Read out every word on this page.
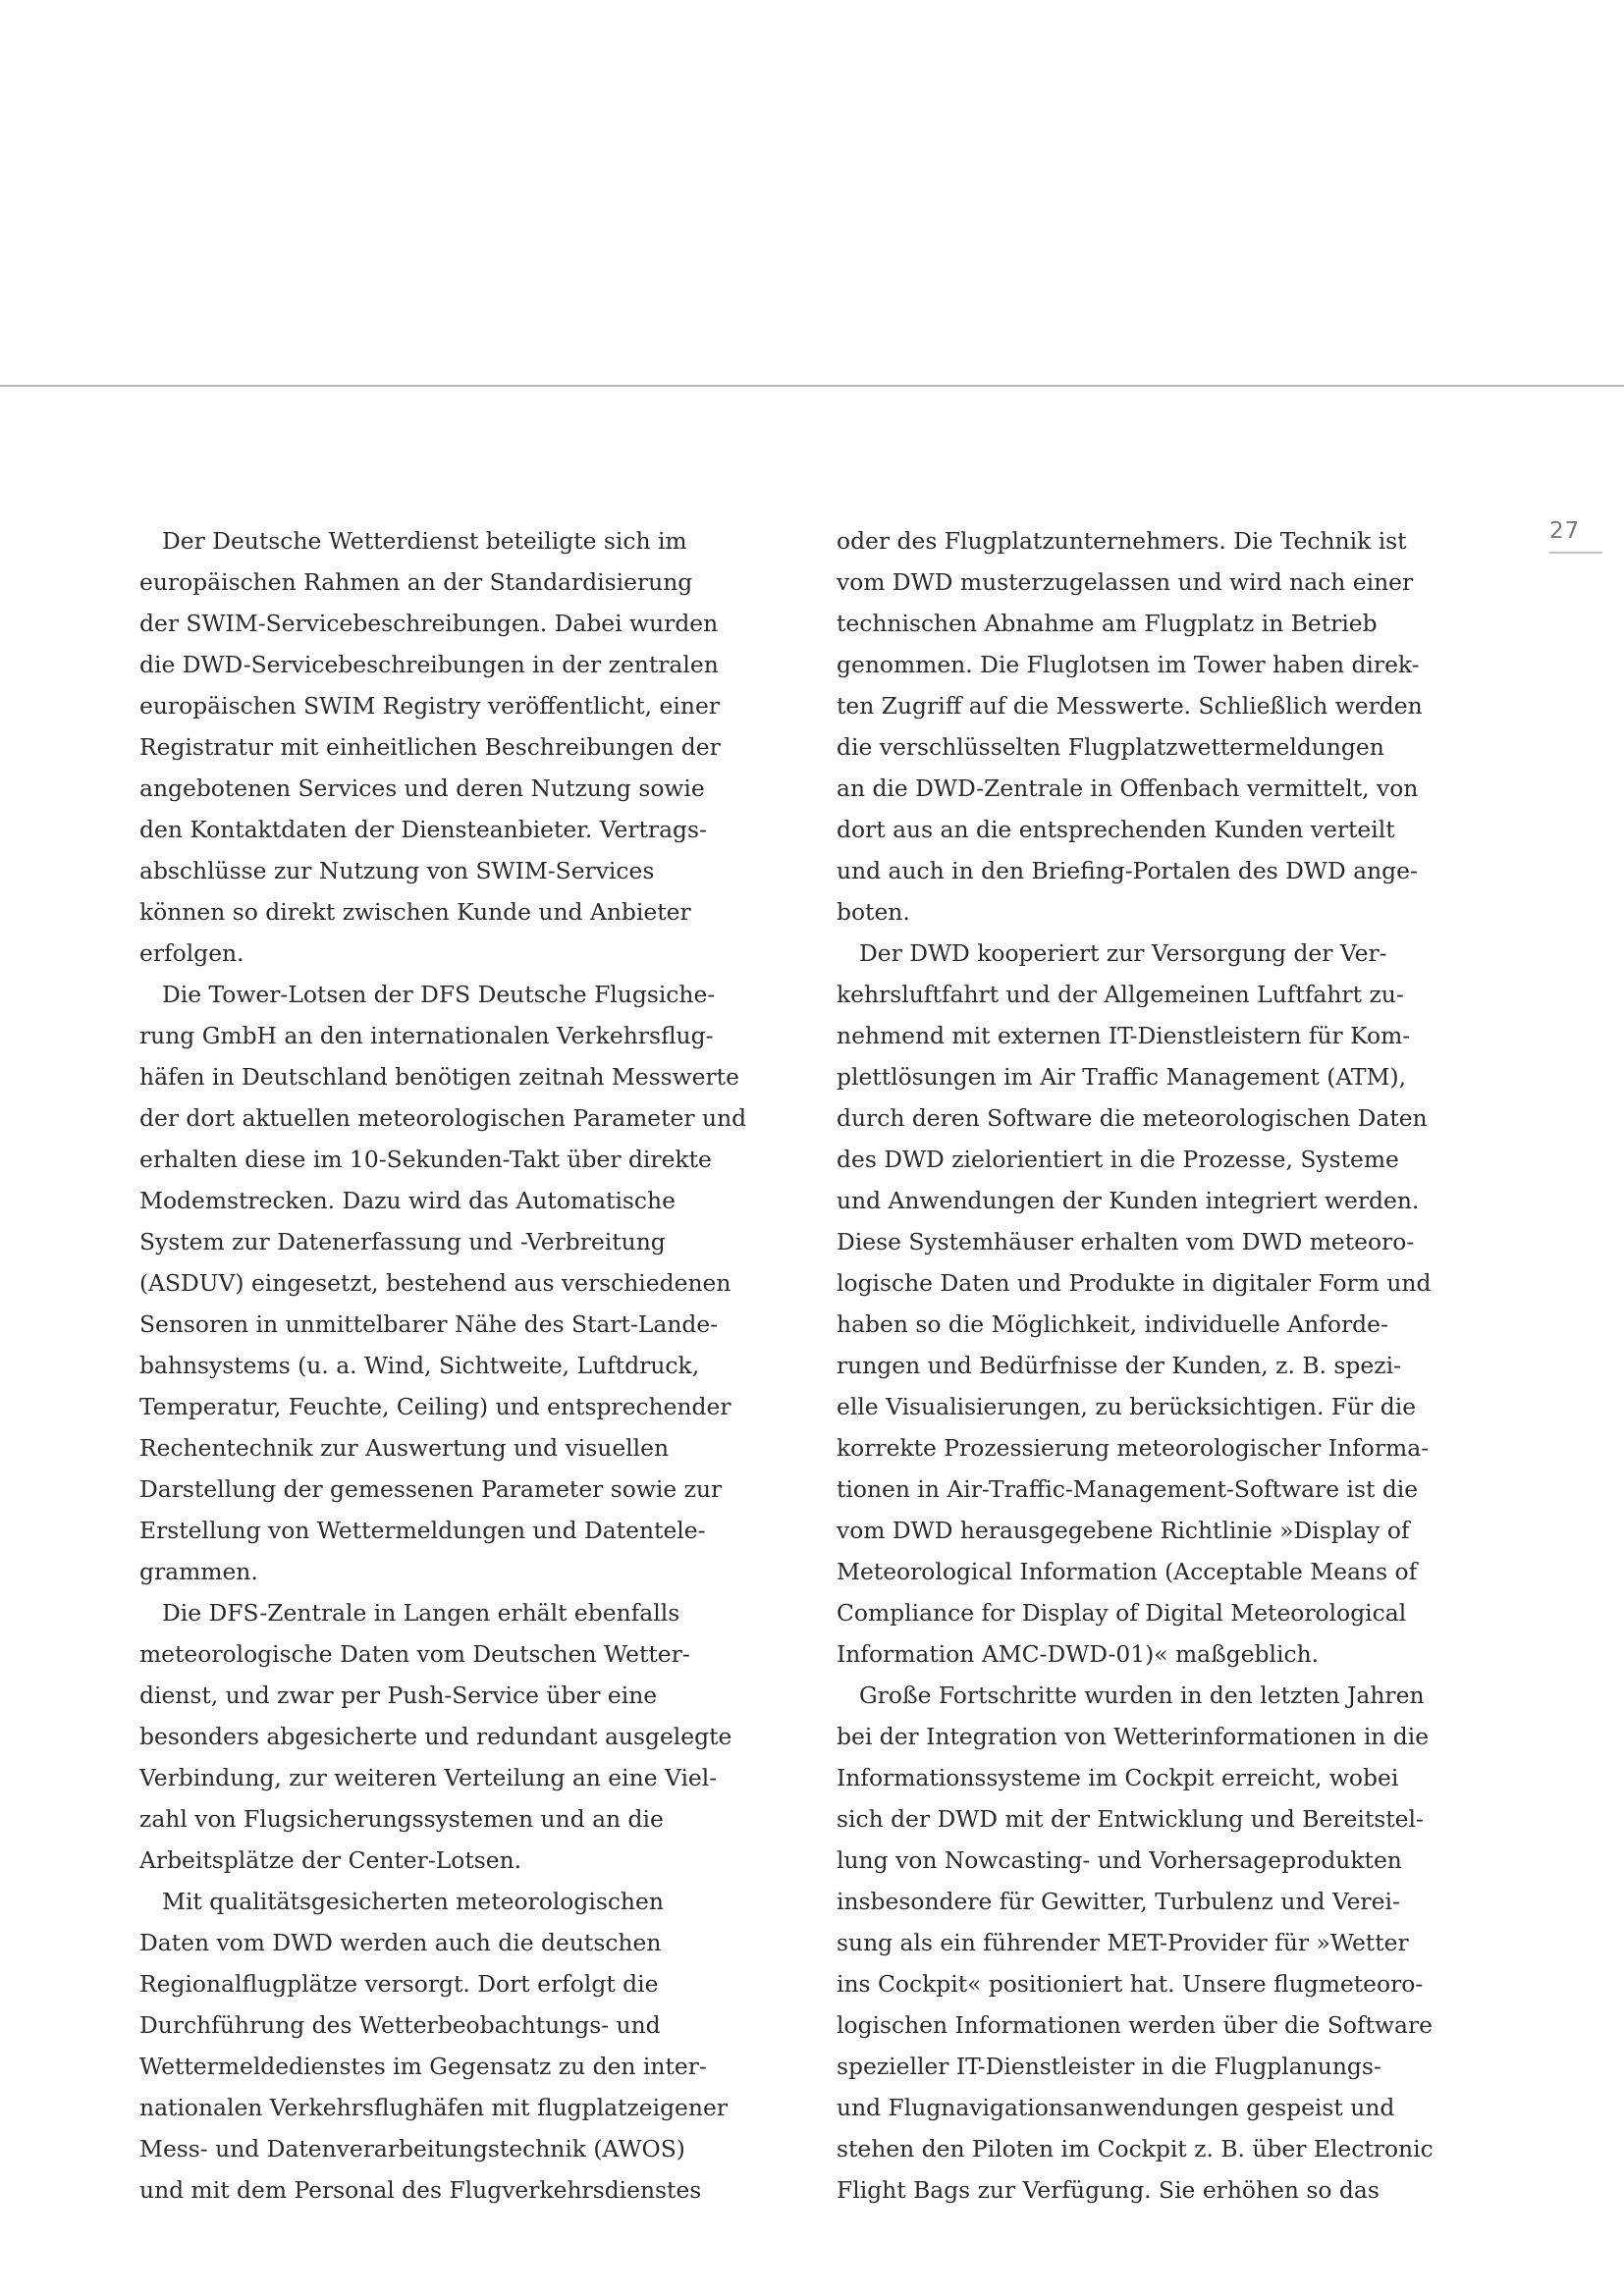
27

Der Deutsche Wetterdienst beteiligte sich im
europäischen Rahmen an der Standardisierung
der SWIM-Servicebeschreibungen. Dabei wurden
die DWD-Servicebeschreibungen in der zentralen
europäischen SWIM Registry veröffentlicht, einer
Registratur mit einheitlichen Beschreibungen der
angebotenen Services und deren Nutzung sowie
den Kontaktdaten der Diensteanbieter. Vertrags-
abschlüsse zur Nutzung von SWIM-Services
können so direkt zwischen Kunde und Anbieter
erfolgen.

Die Tower-Lotsen der DFS Deutsche Flugsiche-
rung GmbH an den internationalen Verkehrsflug-
häfen in Deutschland benötigen zeitnah Messwerte
der dort aktuellen meteorologischen Parameter und
erhalten diese im 10-Sekunden-Takt über direkte
Modemstrecken. Dazu wird das Automatische
System zur Datenerfassung und -Verbreitung
(ASDUV) eingesetzt, bestehend aus verschiedenen
Sensoren in unmittelbarer Nähe des Start-Lande-
bahnsystems (u. a. Wind, Sichtweite, Luftdruck,
Temperatur, Feuchte, Ceiling) und entsprechender
Rechentechnik zur Auswertung und visuellen
Darstellung der gemessenen Parameter sowie zur
Erstellung von Wettermeldungen und Datentele-
grammen.

Die DFS-Zentrale in Langen erhält ebenfalls
meteorologische Daten vom Deutschen Wetter-
dienst, und zwar per Push-Service über eine
besonders abgesicherte und redundant ausgelegte
Verbindung, zur weiteren Verteilung an eine Viel-
zahl von Flugsicherungssystemen und an die
Arbeitsplätze der Center-Lotsen.

Mit qualitätsgesicherten meteorologischen
Daten vom DWD werden auch die deutschen
Regionalflugplätze versorgt. Dort erfolgt die
Durchführung des Wetterbeobachtungs- und
Wettermeldedienstes im Gegensatz zu den inter-
nationalen Verkehrsflughäfen mit flugplatzeigener
Mess- und Datenverarbeitungstechnik (AWOS)
und mit dem Personal des Flugverkehrsdienstes

oder des Flugplatzunternehmers. Die Technik ist
vom DWD musterzugelassen und wird nach einer
technischen Abnahme am Flugplatz in Betrieb
genommen. Die Fluglotsen im Tower haben direk-
ten Zugriff auf die Messwerte. Schließlich werden
die verschlüsselten Flugplatzwettermeldungen
an die DWD-Zentrale in Offenbach vermittelt, von
dort aus an die entsprechenden Kunden verteilt
und auch in den Briefing-Portalen des DWD ange-
boten.

Der DWD kooperiert zur Versorgung der Ver-
kehrsluftfahrt und der Allgemeinen Luftfahrt zu-
nehmend mit externen IT-Dienstleistern für Kom-
plettlösungen im Air Traffic Management (ATM),
durch deren Software die meteorologischen Daten
des DWD zielorientiert in die Prozesse, Systeme
und Anwendungen der Kunden integriert werden.
Diese Systemhäuser erhalten vom DWD meteoro-
logische Daten und Produkte in digitaler Form und
haben so die Möglichkeit, individuelle Anforde-
rungen und Bedürfnisse der Kunden, z. B. spezi-
elle Visualisierungen, zu berücksichtigen. Für die
korrekte Prozessierung meteorologischer Informa-
tionen in Air-Traffic-Management-Software ist die
vom DWD herausgegebene Richtlinie »Display of
Meteorological Information (Acceptable Means of
Compliance for Display of Digital Meteorological
Information AMC-DWD-01)« maßgeblich.

Große Fortschritte wurden in den letzten Jahren
bei der Integration von Wetterinformationen in die
Informationssysteme im Cockpit erreicht, wobei
sich der DWD mit der Entwicklung und Bereitstel-
lung von Nowcasting- und Vorhersageprodukten
insbesondere für Gewitter, Turbulenz und Verei-
sung als ein führender MET-Provider für »Wetter
ins Cockpit« positioniert hat. Unsere flugmeteoro-
logischen Informationen werden über die Software
spezieller IT-Dienstleister in die Flugplanungs-
und Flugnavigationsanwendungen gespeist und
stehen den Piloten im Cockpit z. B. über Electronic
Flight Bags zur Verfügung. Sie erhöhen so das
